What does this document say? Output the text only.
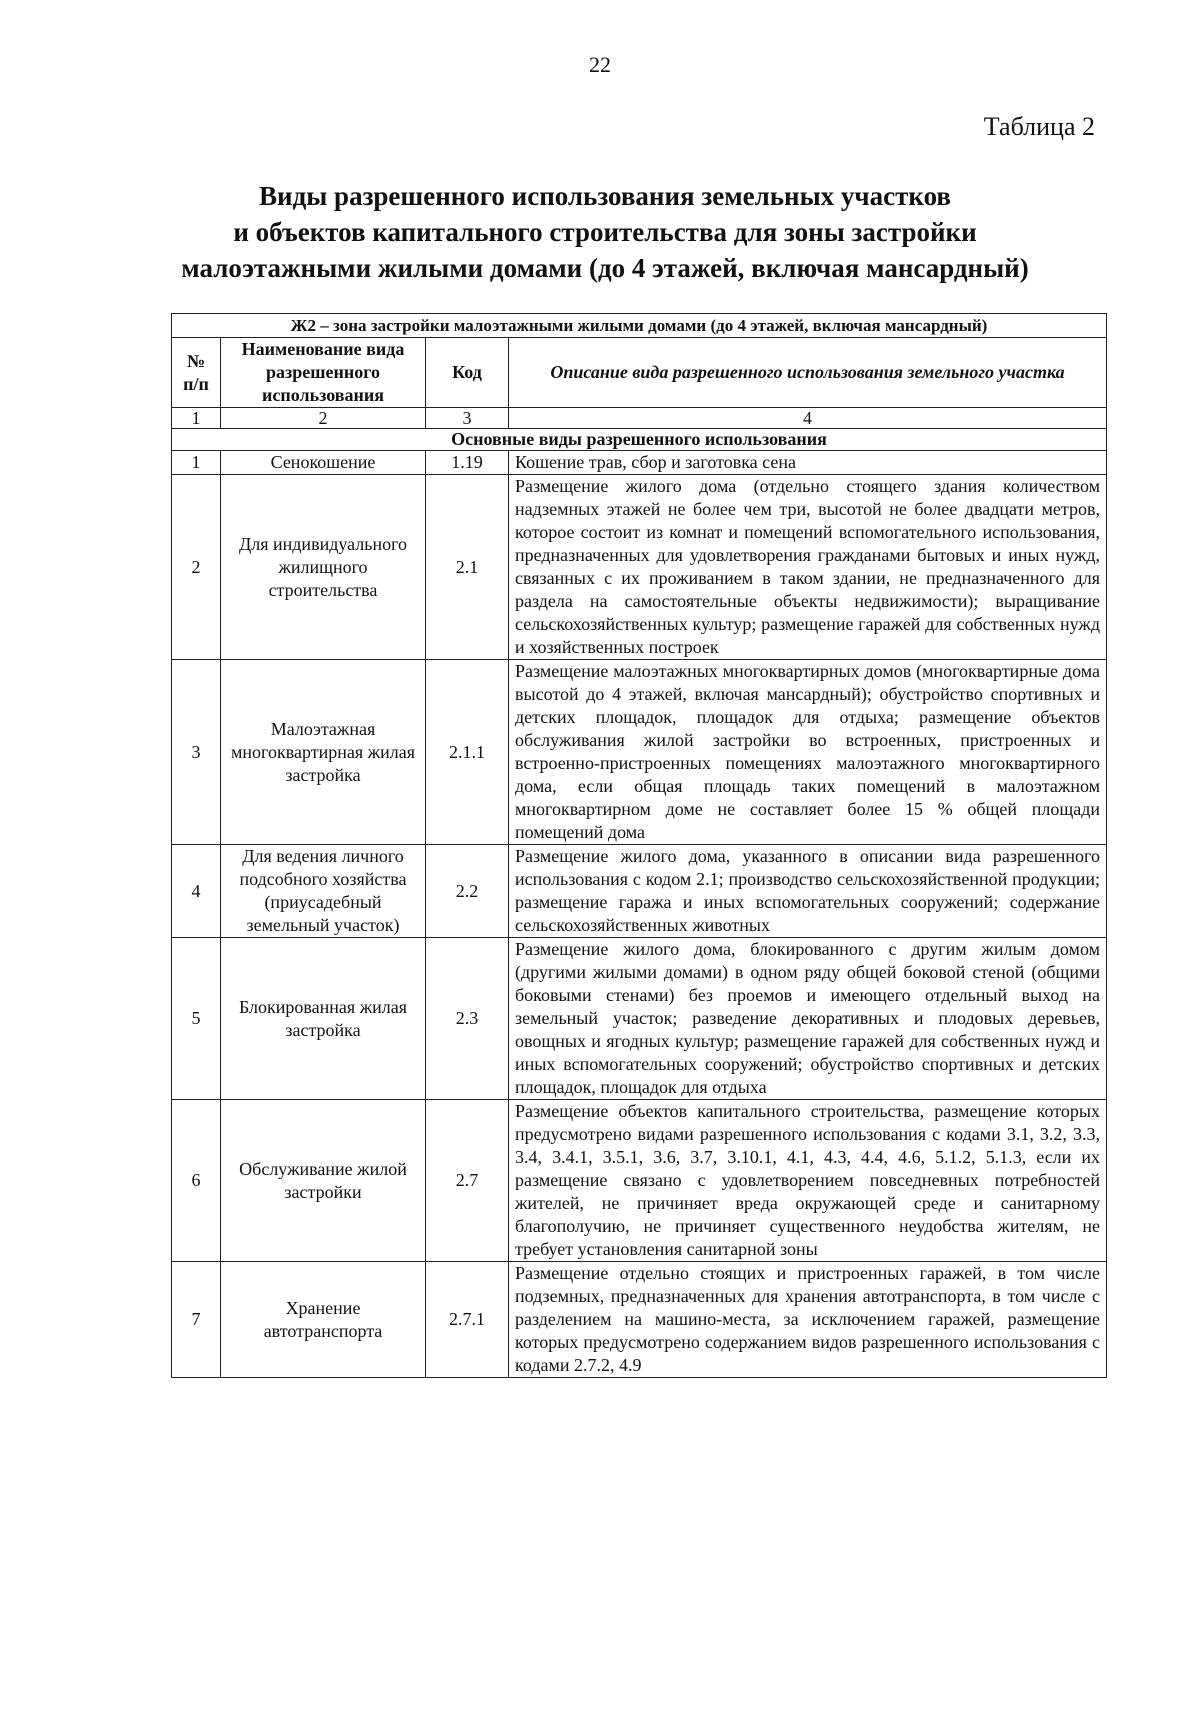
22
Таблица 2
Виды разрешенного использования земельных участков
и объектов капитального строительства для зоны застройки
малоэтажными жилыми домами (до 4 этажей, включая мансардный)
Ж2 – зона застройки малоэтажными жилыми домами (до 4 этажей, включая мансардный)			
№ п/п	Наименование вида разрешенного использования	Код	Описание вида разрешенного использования земельного участка
1	2	3	4
Основные виды разрешенного использования			
1	Сенокошение	1.19	Кошение трав, сбор и заготовка сена
2	Для индивидуального жилищного строительства	2.1	Размещение жилого дома (отдельно стоящего здания количеством надземных этажей не более чем три, высотой не более двадцати метров, которое состоит из комнат и помещений вспомогательного использования, предназначенных для удовлетворения гражданами бытовых и иных нужд, связанных с их проживанием в таком здании, не предназначенного для раздела на самостоятельные объекты недвижимости); выращивание сельскохозяйственных культур; размещение гаражей для собственных нужд и хозяйственных построек
3	Малоэтажная многоквартирная жилая застройка	2.1.1	Размещение малоэтажных многоквартирных домов (многоквартирные дома высотой до 4 этажей, включая мансардный); обустройство спортивных и детских площадок, площадок для отдыха; размещение объектов обслуживания жилой застройки во встроенных, пристроенных и встроенно-пристроенных помещениях малоэтажного многоквартирного дома, если общая площадь таких помещений в малоэтажном многоквартирном доме не составляет более 15 % общей площади помещений дома
4	Для ведения личного подсобного хозяйства (приусадебный земельный участок)	2.2	Размещение жилого дома, указанного в описании вида разрешенного использования с кодом 2.1; производство сельскохозяйственной продукции; размещение гаража и иных вспомогательных сооружений; содержание сельскохозяйственных животных
5	Блокированная жилая застройка	2.3	Размещение жилого дома, блокированного с другим жилым домом (другими жилыми домами) в одном ряду общей боковой стеной (общими боковыми стенами) без проемов и имеющего отдельный выход на земельный участок; разведение декоративных и плодовых деревьев, овощных и ягодных культур; размещение гаражей для собственных нужд и иных вспомогательных сооружений; обустройство спортивных и детских площадок, площадок для отдыха
6	Обслуживание жилой застройки	2.7	Размещение объектов капитального строительства, размещение которых предусмотрено видами разрешенного использования с кодами 3.1, 3.2, 3.3, 3.4, 3.4.1, 3.5.1, 3.6, 3.7, 3.10.1, 4.1, 4.3, 4.4, 4.6, 5.1.2, 5.1.3, если их размещение связано с удовлетворением повседневных потребностей жителей, не причиняет вреда окружающей среде и санитарному благополучию, не причиняет существенного неудобства жителям, не требует установления санитарной зоны
7	Хранение автотранспорта	2.7.1	Размещение отдельно стоящих и пристроенных гаражей, в том числе подземных, предназначенных для хранения автотранспорта, в том числе с разделением на машино-места, за исключением гаражей, размещение которых предусмотрено содержанием видов разрешенного использования с кодами 2.7.2, 4.9
